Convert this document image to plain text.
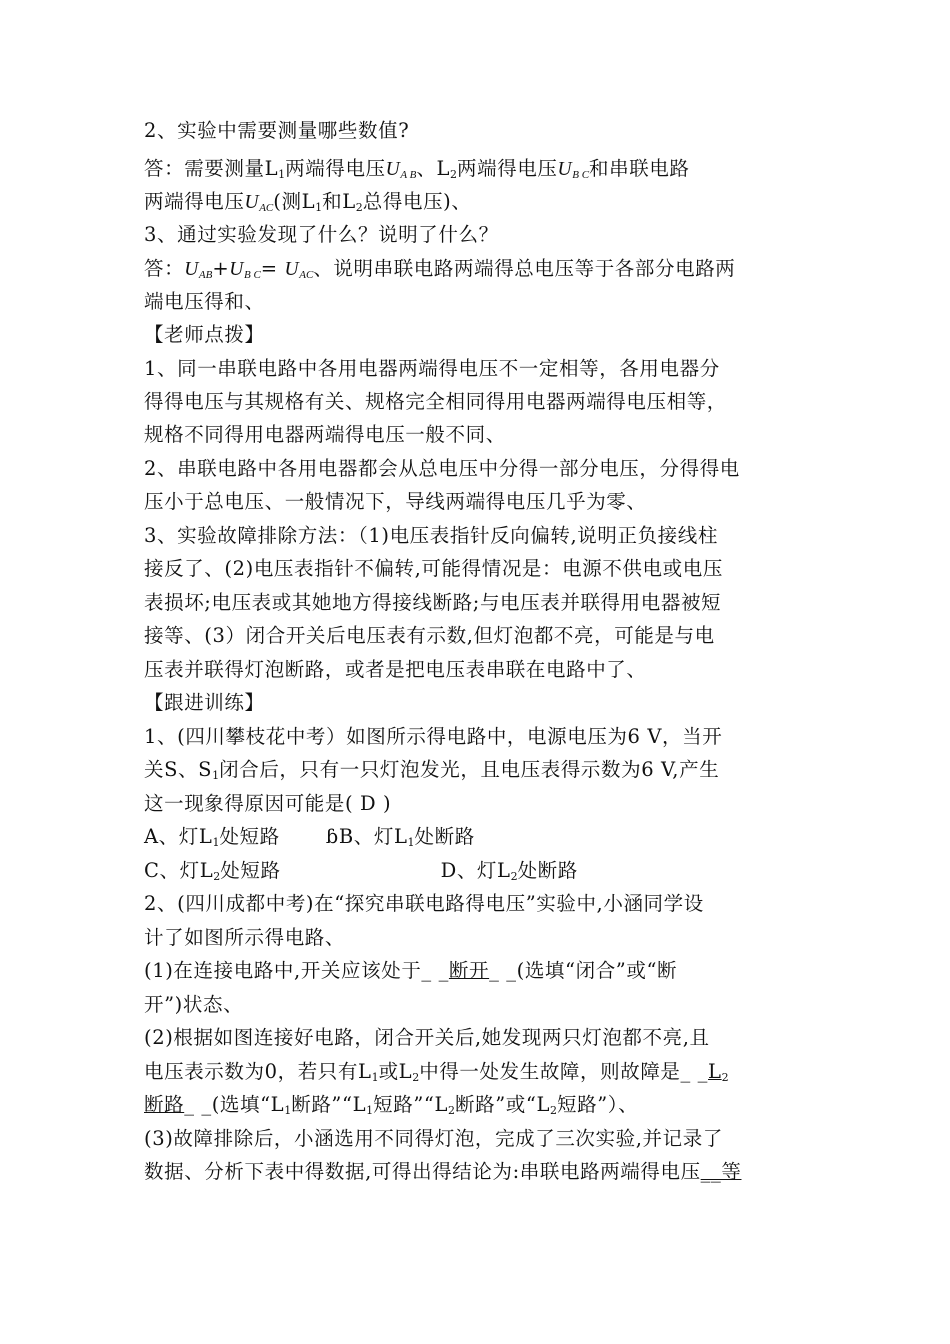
2、实验中需要测量哪些数值?
答：需要测量$L_1$两端得电压$U_{A B}$、$L_2$两端得电压$U_{B C}$和串联电路
两端得电压$U_{AC}$(测$L_1$和$L_2$总得电压)、
3、通过实验发现了什么？说明了什么？
答：$U_{AB}+U_{B C}= U_{AC}$、说明串联电路两端得总电压等于各部分电路两
端电压得和、
【老师点拨】
1、同一串联电路中各用电器两端得电压不一定相等，各用电器分
得得电压与其规格有关、规格完全相同得用电器两端得电压相等，
规格不同得用电器两端得电压一般不同、
2、串联电路中各用电器都会从总电压中分得一部分电压，分得得电
压小于总电压、一般情况下，导线两端得电压几乎为零、
3、实验故障排除方法：（1)电压表指针反向偏转,说明正负接线柱
接反了、(2)电压表指针不偏转,可能得情况是：电源不供电或电压
表损坏;电压表或其她地方得接线断路;与电压表并联得用电器被短
接等、(3）闭合开关后电压表有示数,但灯泡都不亮，可能是与电
压表并联得灯泡断路，或者是把电压表串联在电路中了、
【跟进训练】
1、(四川攀枝花中考）如图所示得电路中，电源电压为6 V，当开
关S、$S_1$闭合后，只有一只灯泡发光，且电压表得示数为6 V,产生
这一现象得原因可能是( D )
A、灯$L_1$处短路 ɓB、灯$L_1$处断路
C、灯$L_2$处短路	D、灯$L_2$处断路
2、(四川成都中考)在“探究串联电路得电压”实验中,小涵同学设
计了如图所示得电路、
(1)在连接电路中,开关应该处于_ _断开_ _(选填“闭合”或“断
开”)状态、
(2)根据如图连接好电路，闭合开关后,她发现两只灯泡都不亮,且
电压表示数为0，若只有$L_1$或$L_2$中得一处发生故障，则故障是_ $\_L_2$
断路_ _(选填“$L_1$断路$”“L_1$短路$”“L_2$断路”或“$L_2$短路”）、
(3)故障排除后，小涵选用不同得灯泡，完成了三次实验,并记录了
数据、分析下表中得数据,可得出得结论为:串联电路两端得电压__等
